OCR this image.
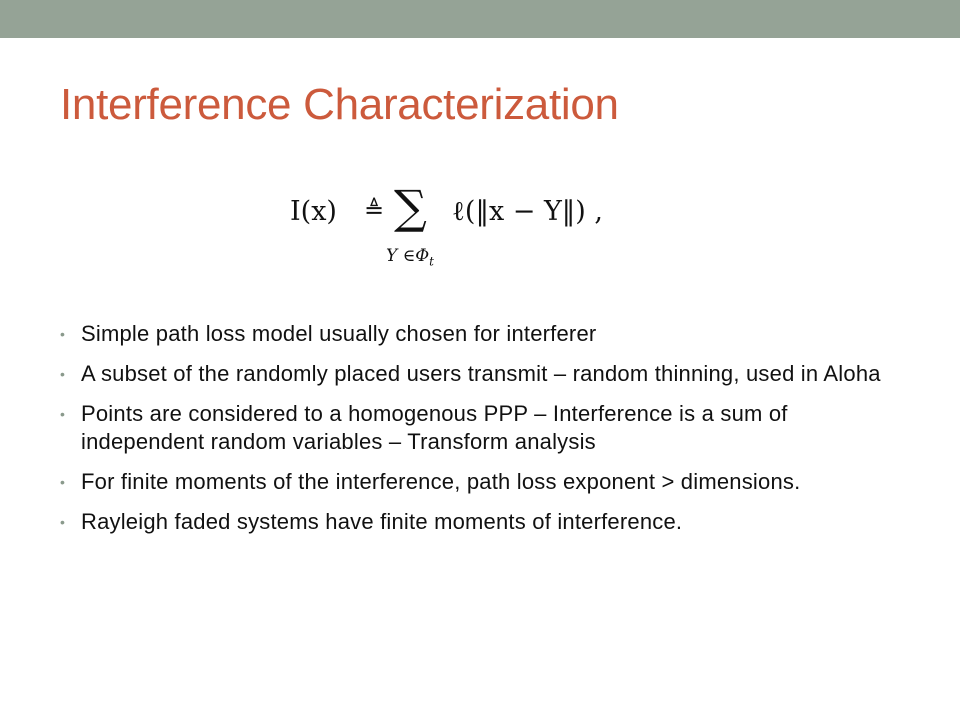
Interference Characterization
I(x) ≜ ∑
Y $\in\Phi_t$
ℓ(‖x − Y‖) ,
• Simple path loss model usually chosen for interferer
• A subset of the randomly placed users transmit – random thinning, used in Aloha
• Points are considered to a homogenous PPP – Interference is a sum of independent random variables – Transform analysis
• For finite moments of the interference, path loss exponent > dimensions.
• Rayleigh faded systems have finite moments of interference.
